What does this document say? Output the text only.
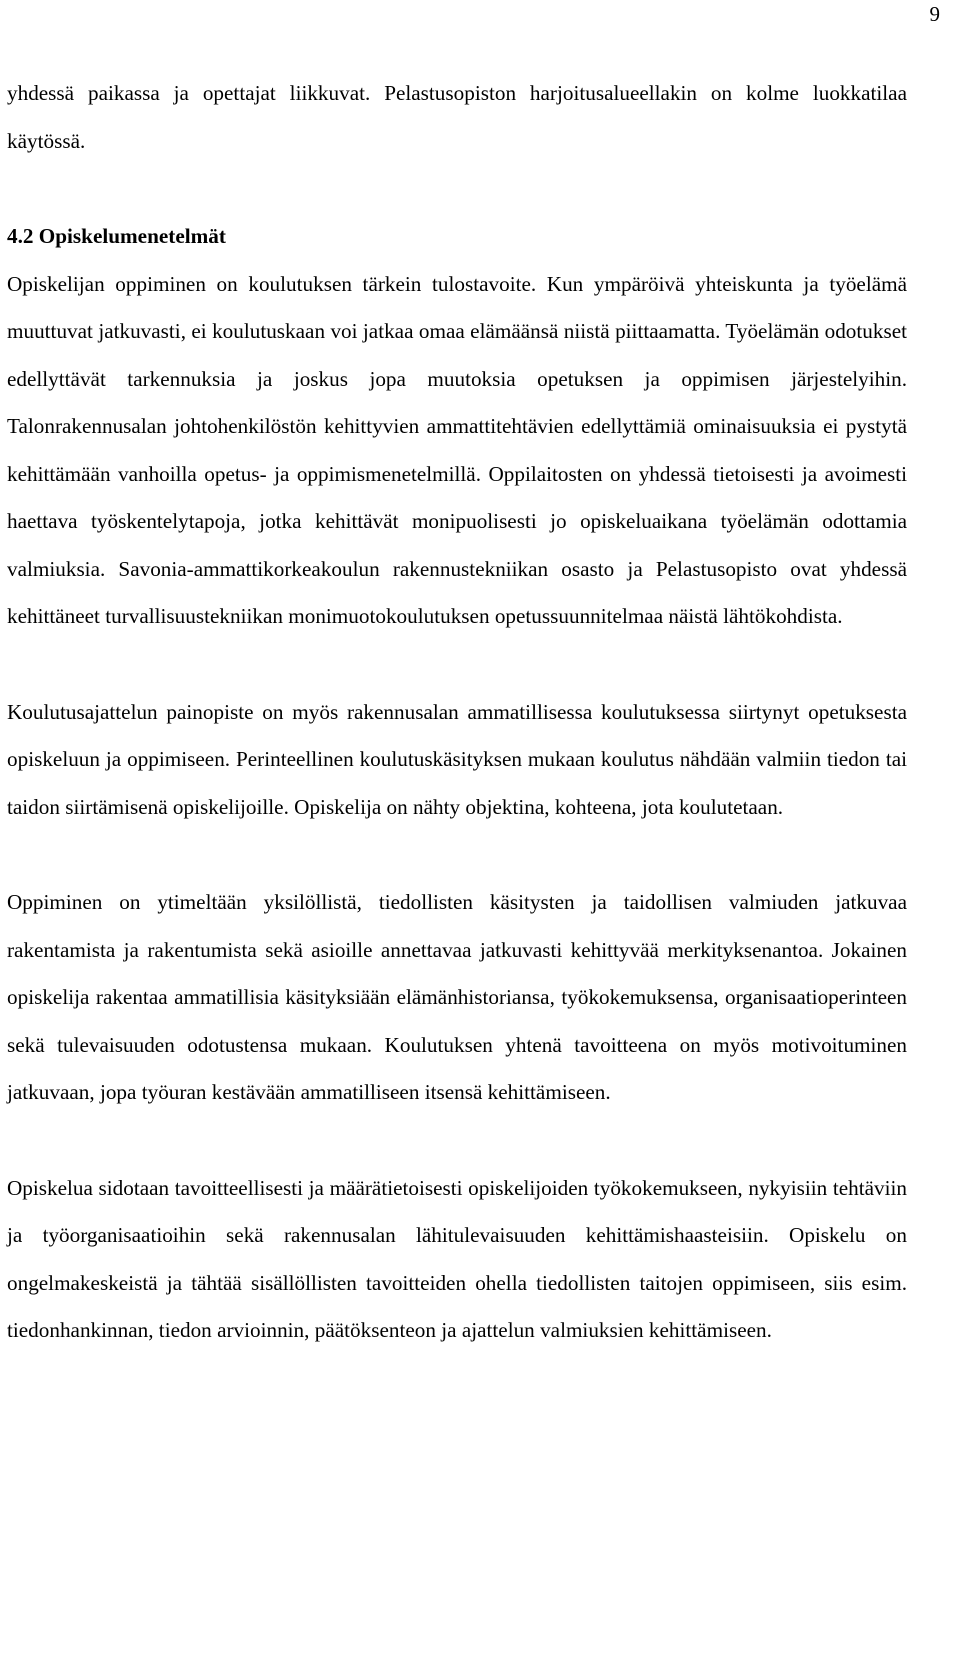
9

yhdessä paikassa ja opettajat liikkuvat. Pelastusopiston harjoitusalueellakin on kolme luokkatilaa käytössä.

4.2 Opiskelumenetelmät

Opiskelijan oppiminen on koulutuksen tärkein tulostavoite. Kun ympäröivä yhteiskunta ja työelämä muuttuvat jatkuvasti, ei koulutuskaan voi jatkaa omaa elämäänsä niistä piittaamatta. Työelämän odotukset edellyttävät tarkennuksia ja joskus jopa muutoksia opetuksen ja oppimisen järjestelyihin. Talonrakennusalan johtohenkilöstön kehittyvien ammattitehtävien edellyttämiä ominaisuuksia ei pystytä kehittämään vanhoilla opetus- ja oppimismenetelmillä. Oppilaitosten on yhdessä tietoisesti ja avoimesti haettava työskentelytapoja, jotka kehittävät monipuolisesti jo opiskeluaikana työelämän odottamia valmiuksia. Savonia-ammattikorkeakoulun rakennustekniikan osasto ja Pelastusopisto ovat yhdessä kehittäneet turvallisuustekniikan monimuotokoulutuksen opetussuunnitelmaa näistä lähtökohdista.

Koulutusajattelun painopiste on myös rakennusalan ammatillisessa koulutuksessa siirtynyt opetuksesta opiskeluun ja oppimiseen. Perinteellinen koulutuskäsityksen mukaan koulutus nähdään valmiin tiedon tai taidon siirtämisenä opiskelijoille. Opiskelija on nähty objektina, kohteena, jota koulutetaan.

Oppiminen on ytimeltään yksilöllistä, tiedollisten käsitysten ja taidollisen valmiuden jatkuvaa rakentamista ja rakentumista sekä asioille annettavaa jatkuvasti kehittyvää merkityksenantoa. Jokainen opiskelija rakentaa ammatillisia käsityksiään elämänhistoriansa, työkokemuksensa, organisaatioperinteen sekä tulevaisuuden odotustensa mukaan. Koulutuksen yhtenä tavoitteena on myös motivoituminen jatkuvaan, jopa työuran kestävään ammatilliseen itsensä kehittämiseen.

Opiskelua sidotaan tavoitteellisesti ja määrätietoisesti opiskelijoiden työkokemukseen, nykyisiin tehtäviin ja työorganisaatioihin sekä rakennusalan lähitulevaisuuden kehittämishaasteisiin. Opiskelu on ongelmakeskeistä ja tähtää sisällöllisten tavoitteiden ohella tiedollisten taitojen oppimiseen, siis esim. tiedonhankinnan, tiedon arvioinnin, päätöksenteon ja ajattelun valmiuksien kehittämiseen.
